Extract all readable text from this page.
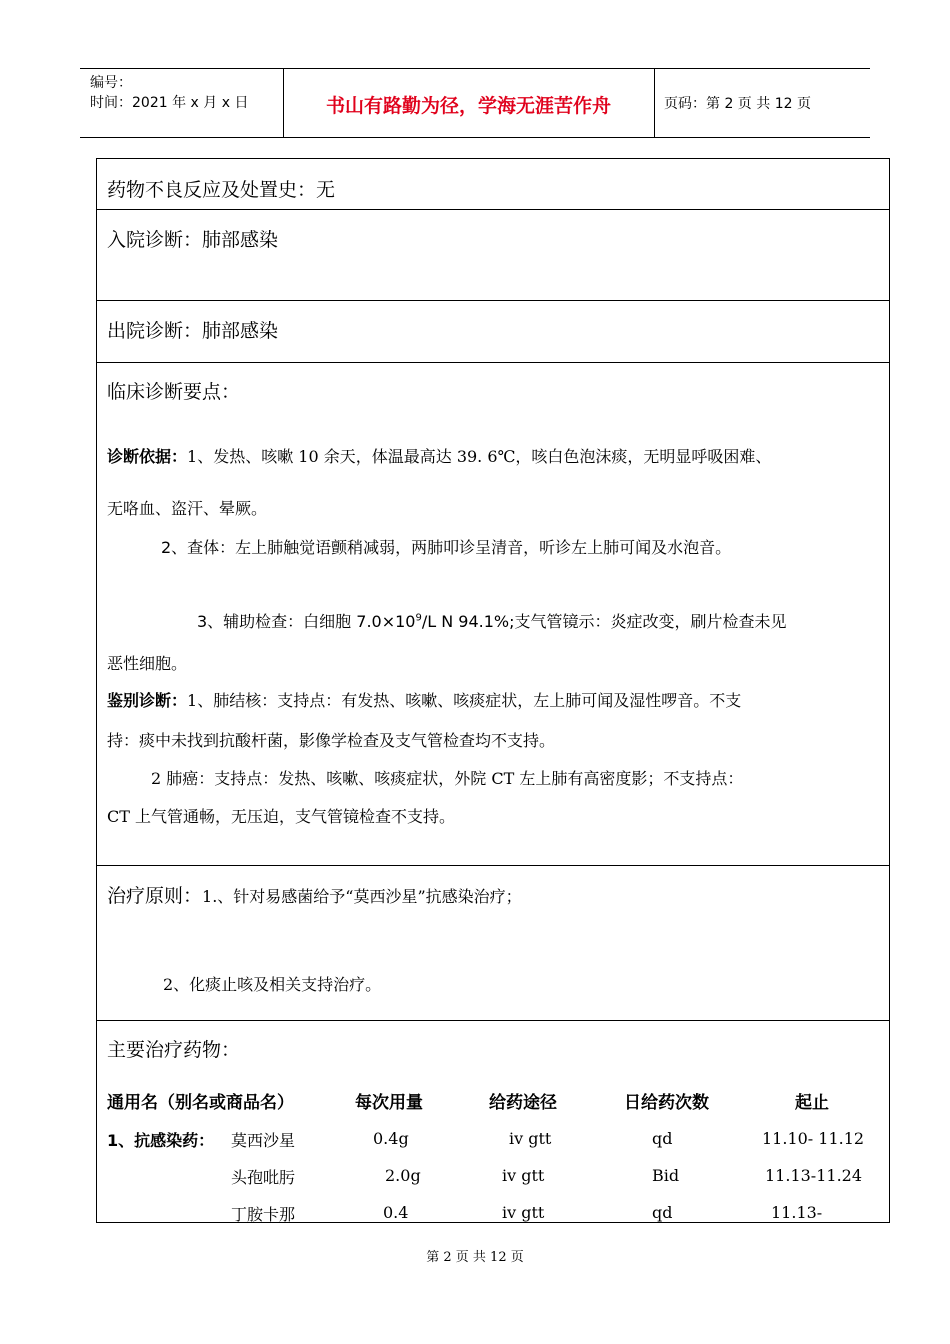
编号：
时间：2021 年 x 月 x 日	书山有路勤为径，学海无涯苦作舟	页码：第 2 页 共 12 页
药物不良反应及处置史：无
入院诊断：肺部感染
出院诊断：肺部感染
临床诊断要点：
诊断依据：1、发热、咳嗽 10 余天，体温最高达 39. 6℃，咳白色泡沫痰，无明显呼吸困难、
无咯血、盗汗、晕厥。
2、查体：左上肺触觉语颤稍减弱，两肺叩诊呈清音，听诊左上肺可闻及水泡音。
3、辅助检查：白细胞 $7.0\times 10^9/L$ N 94.1%;支气管镜示：炎症改变，刷片检查未见
恶性细胞。
鉴别诊断：1、肺结核：支持点：有发热、咳嗽、咳痰症状，左上肺可闻及湿性啰音。不支
持：痰中未找到抗酸杆菌，影像学检查及支气管检查均不支持。
2 肺癌：支持点：发热、咳嗽、咳痰症状，外院 CT 左上肺有高密度影；不支持点：
CT 上气管通畅，无压迫，支气管镜检查不支持。
治疗原则：1.、针对易感菌给予“莫西沙星”抗感染治疗；
2、化痰止咳及相关支持治疗。
主要治疗药物：
通用名（别名或商品名）	每次用量	给药途径	日给药次数	起止
1、抗感染药： 莫西沙星	0.4g	iv gtt	qd	11.10- 11.12
头孢吡肟	2.0g	iv gtt	Bid	11.13-11.24
丁胺卡那	0.4	iv gtt	qd	11.13-
第 2 页 共 12 页
